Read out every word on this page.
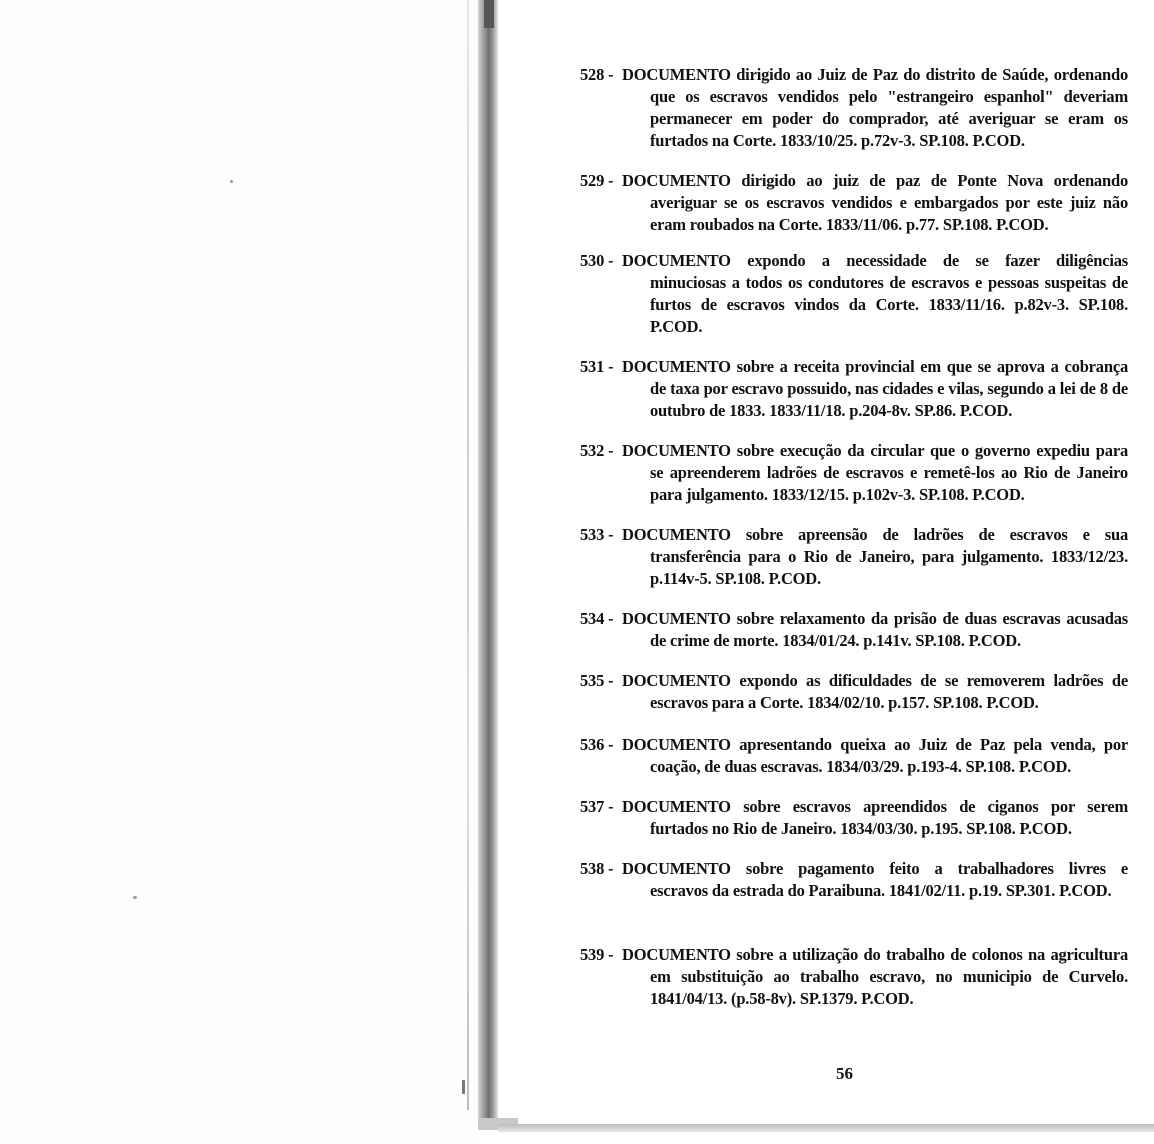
528 - DOCUMENTO dirigido ao Juiz de Paz do distrito de Saúde, ordenando
que os escravos vendidos pelo "estrangeiro espanhol" deveriam permanecer em poder do comprador, até averiguar se eram os furtados na Corte. 1833/10/25. p.72v-3. SP.108. P.COD.
529 - DOCUMENTO dirigido ao juiz de paz de Ponte Nova ordenando
averiguar se os escravos vendidos e embargados por este juiz não eram roubados na Corte. 1833/11/06. p.77. SP.108. P.COD.
530 - DOCUMENTO expondo a necessidade de se fazer diligências
minuciosas a todos os condutores de escravos e pessoas suspeitas de furtos de escravos vindos da Corte. 1833/11/16. p.82v-3. SP.108. P.COD.
531 - DOCUMENTO sobre a receita provincial em que se aprova a cobrança
de taxa por escravo possuido, nas cidades e vilas, segundo a lei de 8 de outubro de 1833. 1833/11/18. p.204-8v. SP.86. P.COD.
532 - DOCUMENTO sobre execução da circular que o governo expediu para
se apreenderem ladrões de escravos e remetê-los ao Rio de Janeiro para julgamento. 1833/12/15. p.102v-3. SP.108. P.COD.
533 - DOCUMENTO sobre apreensão de ladrões de escravos e sua
transferência para o Rio de Janeiro, para julgamento. 1833/12/23. p.114v-5. SP.108. P.COD.
534 - DOCUMENTO sobre relaxamento da prisão de duas escravas acusadas
de crime de morte. 1834/01/24. p.141v. SP.108. P.COD.
535 - DOCUMENTO expondo as dificuldades de se removerem ladrões de
escravos para a Corte. 1834/02/10. p.157. SP.108. P.COD.
536 - DOCUMENTO apresentando queixa ao Juiz de Paz pela venda, por
coação, de duas escravas. 1834/03/29. p.193-4. SP.108. P.COD.
537 - DOCUMENTO sobre escravos apreendidos de ciganos por serem
furtados no Rio de Janeiro. 1834/03/30. p.195. SP.108. P.COD.
538 - DOCUMENTO sobre pagamento feito a trabalhadores livres e
escravos da estrada do Paraibuna. 1841/02/11. p.19. SP.301. P.COD.
539 - DOCUMENTO sobre a utilização do trabalho de colonos na agricultura
em substituição ao trabalho escravo, no municipio de Curvelo. 1841/04/13. (p.58-8v). SP.1379. P.COD.
56
